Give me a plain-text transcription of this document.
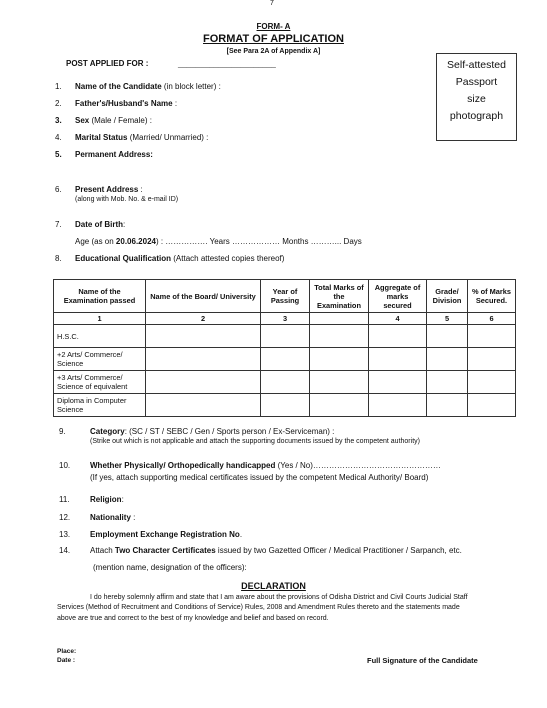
7
FORM- A
FORMAT OF APPLICATION
[See Para 2A of Appendix A]
POST APPLIED FOR :	______________________	Self-attested
Passport
size
photograph
1. Name of the Candidate (in block letter) :
2. Father's/Husband's Name :
3. Sex (Male / Female) :
4. Marital Status (Married/ Unmarried) :
5. Permanent Address:
6. Present Address :
(along with Mob. No. & e-mail ID)
7. Date of Birth:
Age (as on 20.06.2024) : ……………. Years ……………… Months ………... Days
8. Educational Qualification (Attach attested copies thereof)
Name of the Examination passed	Name of the Board/ University	Year of Passing	Total Marks of the Examination	Aggregate of marks secured	Grade/ Division	% of Marks Secured.
1	2	3		4	5	6
H.S.C.						
+2 Arts/ Commerce/ Science						
+3 Arts/ Commerce/ Science of equivalent						
Diploma in Computer Science						
9.	Category: (SC / ST / SEBC / Gen / Sports person / Ex-Serviceman) :
(Strike out which is not applicable and attach the supporting documents issued by the competent authority)
10. Whether Physically/ Orthopedically handicapped (Yes / No)…………………………………………
(If yes, attach supporting medical certificates issued by the competent Medical Authority/ Board)
11.	Religion:
12. Nationality :
13. Employment Exchange Registration No.
14. Attach Two Character Certificates issued by two Gazetted Officer / Medical Practitioner / Sarpanch, etc.
(mention name, designation of the officers):
DECLARATION
I do hereby solemnly affirm and state that I am aware about the provisions of Odisha District and Civil Courts Judicial Staff
Services (Method of Recruitment and Conditions of Service) Rules, 2008 and Amendment Rules thereto and the statements made
above are true and correct to the best of my knowledge and belief and based on record.
Place:
Date :	Full Signature of the Candidate
